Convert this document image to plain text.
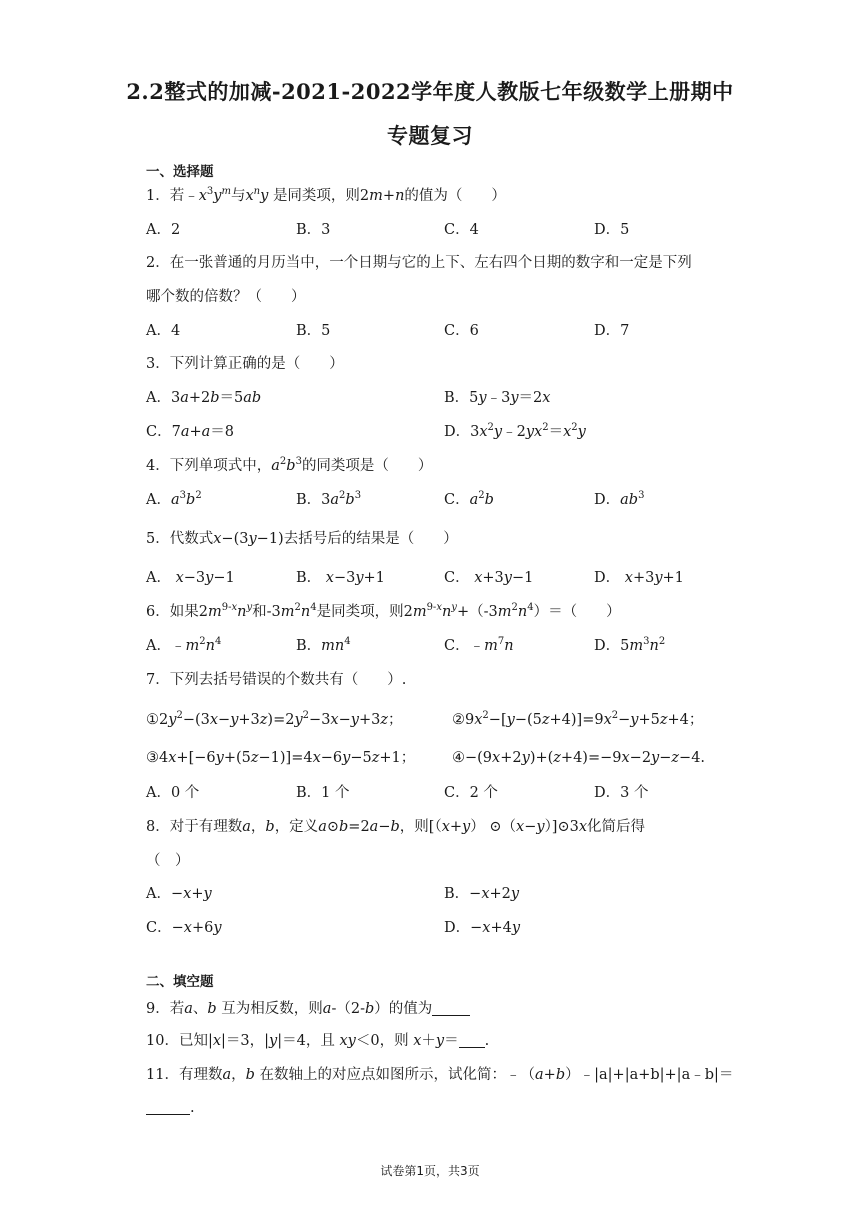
2.2整式的加减-2021-2022学年度人教版七年级数学上册期中
专题复习
一、选择题
1．若$﹣x^3y^m$与$x^ny$ 是同类项，则2m+n的值为（　　）
A．2	B．3	C．4	D．5
2．在一张普通的月历当中，一个日期与它的上下、左右四个日期的数字和一定是下列
哪个数的倍数？（　　）
A．4	B．5	C．6	D．7
3．下列计算正确的是（　　）
A．3a+2b＝5ab	B．5y﹣3y＝2x
C．7a+a＝8	D．$3x^2y﹣2yx^2=x^2y$
4．下列单项式中，$a^2b^3$的同类项是（　　）
A．$a^3b^2$	B．$3a^2b^3$	C．$a^2b$	D．$ab^3$
5．代数式x−(3y−1)去括号后的结果是（　　）
A． x−3y−1	B． x−3y+1	C． x+3y−1	D． x+3y+1
6．如果$2m^{9-x}n^y$和$-3m^2n^4$是同类项，则$2m^{9-x}n^y+(-3m^2n^4)=$（　　）
A．$﹣m^2n^4$	B．$mn^4$	C．$﹣m^7n$	D．$5m^3n^2$
7．下列去括号错误的个数共有（　　）.
$①2y^2-(3x-y+3z)=2y^2-3x-y+3z$；	$②9x^2-[y-(5z+4)]=9x^2-y+5z+4$；
③4x+[−6y+(5z−1)]=4x−6y−5z+1；	④−(9x+2y)+(z+4)=−9x−2y−z−4.
A．0 个	B．1 个	C．2 个	D．3 个
8．对于有理数a，b，定义a⊙b=2a−b，则[（x+y） ⊙（x−y）]⊙3x化简后得
（　）
A．−x+y	B．−x+2y
C．−x+6y	D．−x+4y
二、填空题
9．若a、b 互为相反数，则a-（2-b）的值为
10．已知|x|＝3，|y|＝4，且 xy＜0，则 x＋y＝ .
11．有理数a，b 在数轴上的对应点如图所示，试化简：﹣（a+b）﹣|a|+|a+b|+|a﹣b|＝
.
试卷第1页，共3页
